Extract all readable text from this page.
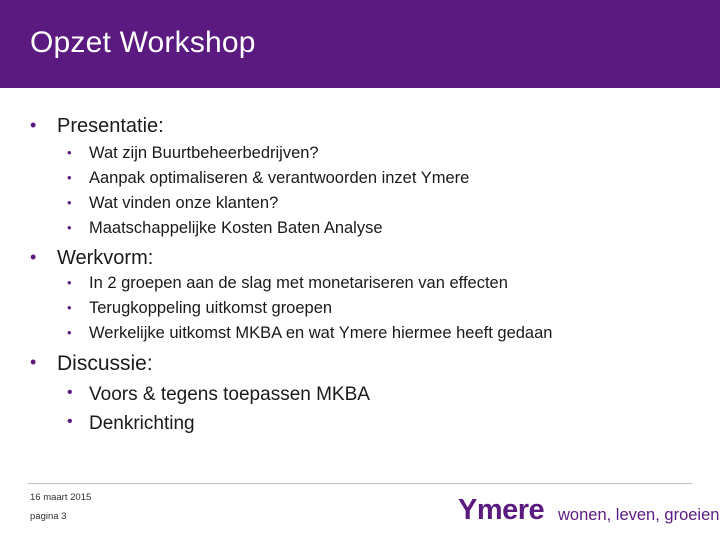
Opzet Workshop
• Presentatie:
• Wat zijn Buurtbeheerbedrijven?
• Aanpak optimaliseren & verantwoorden inzet Ymere
• Wat vinden onze klanten?
• Maatschappelijke Kosten Baten Analyse
• Werkvorm:
• In 2 groepen aan de slag met monetariseren van effecten
• Terugkoppeling uitkomst groepen
• Werkelijke uitkomst MKBA en wat Ymere hiermee heeft gedaan
• Discussie:
• Voors & tegens toepassen MKBA
• Denkrichting
16 maart 2015
pagina 3	Ymere wonen, leven, groeien
